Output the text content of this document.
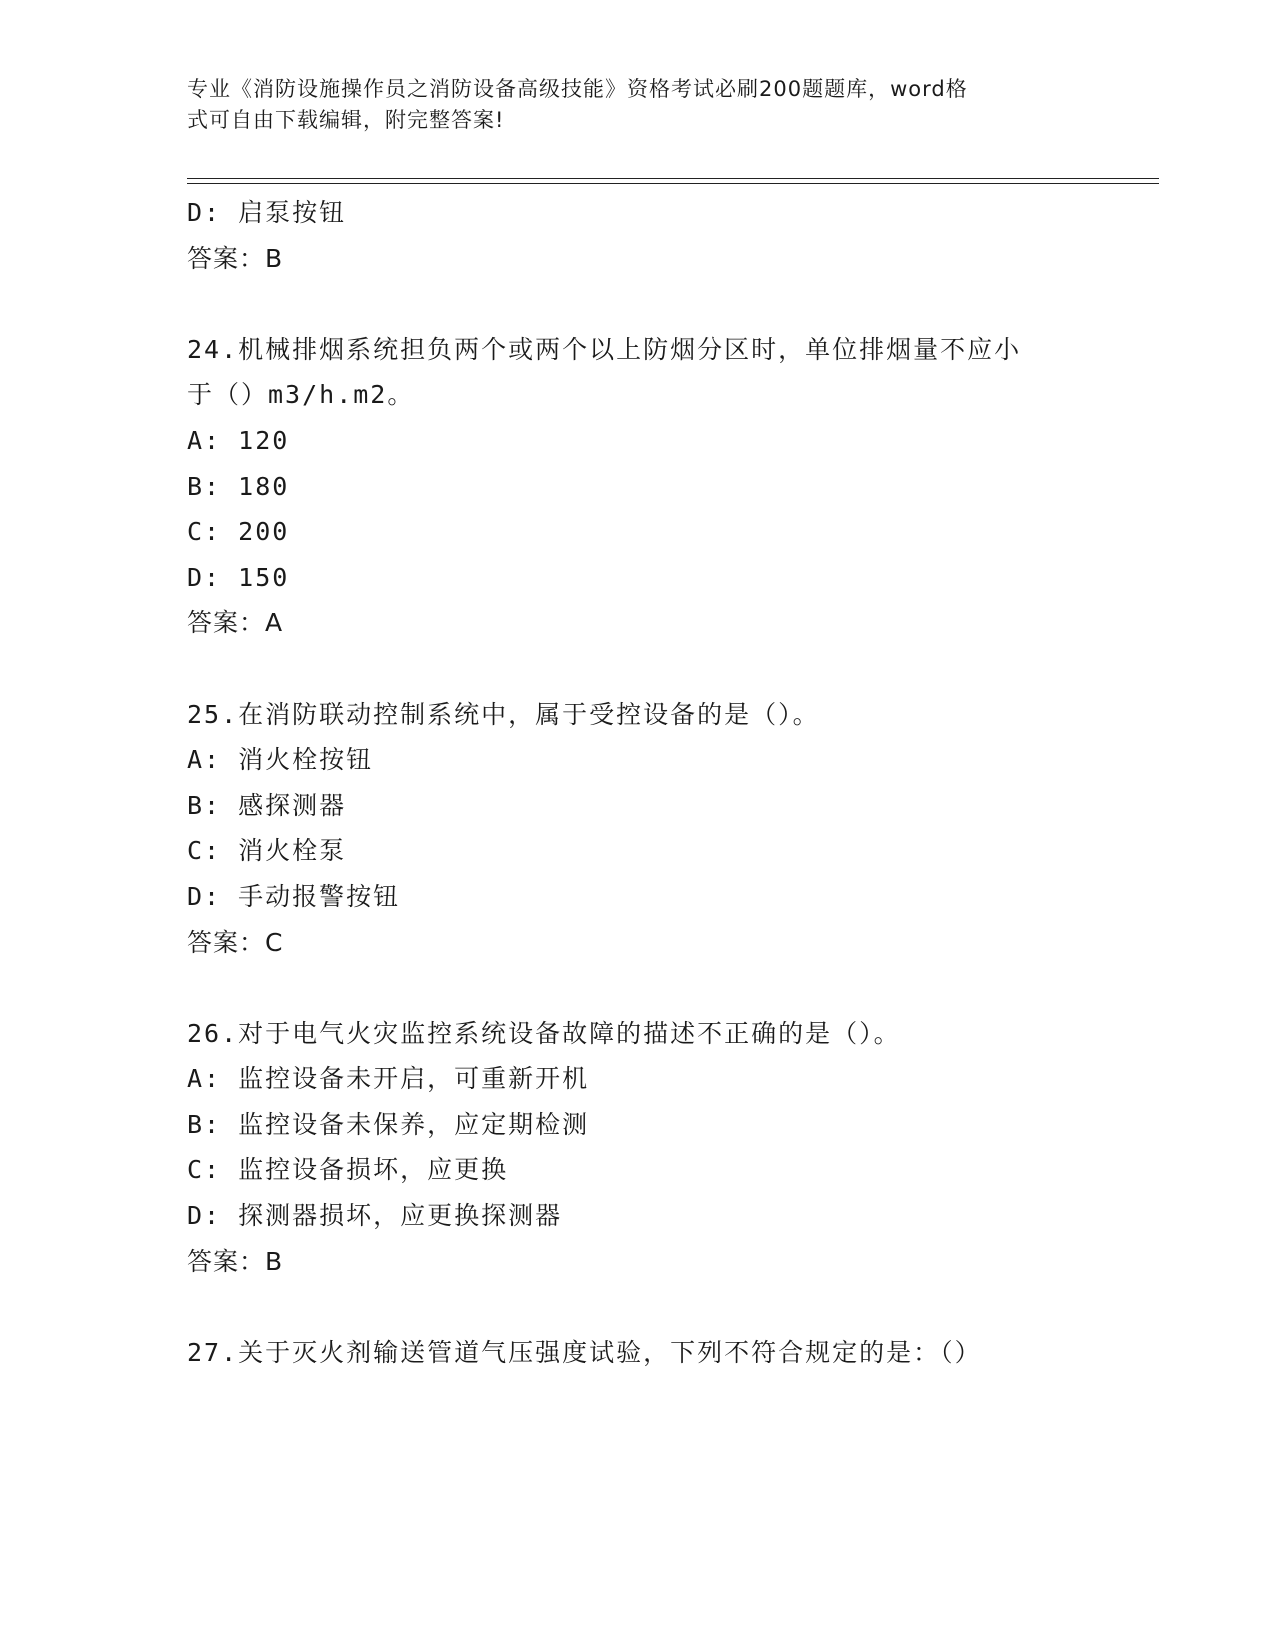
专业《消防设施操作员之消防设备高级技能》资格考试必刷200题题库，word格
式可自由下载编辑，附完整答案!
D: 启泵按钮
答案：B
24.机械排烟系统担负两个或两个以上防烟分区时，单位排烟量不应小
于（）m3/h.m2。
A: 120
B: 180
C: 200
D: 150
答案：A
25.在消防联动控制系统中，属于受控设备的是（）。
A: 消火栓按钮
B: 感探测器
C: 消火栓泵
D: 手动报警按钮
答案：C
26.对于电气火灾监控系统设备故障的描述不正确的是（）。
A: 监控设备未开启，可重新开机
B: 监控设备未保养，应定期检测
C: 监控设备损坏，应更换
D: 探测器损坏，应更换探测器
答案：B
27.关于灭火剂输送管道气压强度试验，下列不符合规定的是：（）
